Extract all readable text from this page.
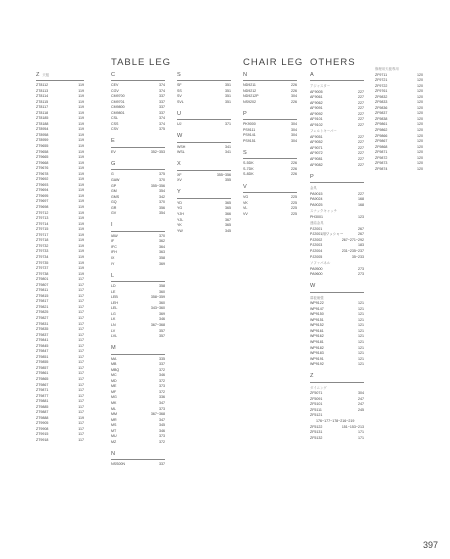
TABLE LEG	CHAIR LEG OTHERS
Z 天板
ZT8112	119
ZT8113	119
ZT8114	119
ZT8115	119
ZT8117	119
ZT8118	119
ZT8185	119
ZT8188	119
ZT8954	119
ZT8958	119
ZT8959	119
ZT9655	119
ZT9658	119
ZT9665	119
ZT9668	119
ZT9676	119
ZT9678	119
ZT9692	119
ZT9693	119
ZT9694	119
ZT9695	119
ZT9697	119
ZT9698	119
ZT9712	119
ZT9713	119
ZT9714	119
ZT9715	119
ZT9717	119
ZT9718	119
ZT9732	119
ZT9733	119
ZT9734	119
ZT9735	119
ZT9737	119
ZT9738	119
ZT9801	117
ZT9807	117
ZT9811	117
ZT9815	117
ZT9817	117
ZT9821	117
ZT9825	117
ZT9827	117
ZT9831	117
ZT9835	117
ZT9837	117
ZT9841	117
ZT9845	117
ZT9847	117
ZT9851	117
ZT9855	117
ZT9857	117
ZT9861	117
ZT9865	117
ZT9867	117
ZT9871	117
ZT9877	117
ZT9881	117
ZT9885	117
ZT9887	117
ZT9888	119
ZT9905	117
ZT9908	117
ZT9915	117
ZT9918	117
C
CEV	374
CGV	374
CM9700	337
CM9701	337
CM9800	337
CM9801	337
CSL	374
CSS	374
CSV	375
E
EV	352~353
G
G	375
GAW	370
GP	355~356
GM	354
GMS	342
GQ	370
GR	356
GV	354
I
IAW	370
IF	362
IFC	364
IFH	363
IX	358
IY	369
L
LD	358
LE	360
LEB	358~359
LEH	360
LEL	343~360
LG	369
LK	346
LN	367~368
LV	357
LVL	357
M
MA	335
MB	337
MBQ	372
MC	346
MD	372
ME	373
MF	372
MG	336
MK	347
ML	373
MM	367~368
MR	347
MS	345
MT	346
MU	373
MZ	372
N
NSS00N	337
S
SF	351
SS	351
SV	351
SVL	351
U
UJ	371
W
WSH	341
WSL	341
X
XF	355~356
XV	355
Y
YD	365
YG	365
YJH	366
YJL	367
YK	365
YW	345
N
ND9211	226
ND9212	226
ND9212P	304
NS9202	226
P
PK9000	304
PS9111	304
PS9141	304
PS9151	304
S
S-5DK	226
S-7DK	226
S-8DK	226
V
VG	225
VK	225
VL	225
VV	225
A
アジャスター
AF9005	227
AF9061	227
AF9062	227
AF9091	227
AF9092	227
AF9101	227
AF9102	227
フェルトキーパー
AF9051	227
AF9052	227
AF9071	227
AF9072	227
AF9081	227
AF9082	227
P
金具
PA9015	227
PA9024	168
PA9025	168
スナックキャッチ
PH3001	123
連結金具
PJ2001	267
PJ2001用ワッシャー	267
PJ2002	267~271~292
PJ2003	183
PJ2004	231~235~237
PJ2005	35~233
ソファパネル
PA9500	273
PA9600	273
W
幕板補強
WP9122	121
WP9147	121
WP9150	121
WP9151	121
WP9152	121
WP9161	121
WP9162	121
WP9181	121
WP9182	121
WP9183	121
WP9191	121
WP9192	121
Z
ダイニング
ZF5071	304
ZF5091	247
ZF5101	247
ZF5111	245
ZF5121
176~177~178~216~219
ZF5122	151~153~213
ZF5131	171
ZF5132	171
修理用天板専用
ZF9711	120
ZF9721	120
ZF9722	120
ZF9761	120
ZF9832	120
ZF9833	120
ZF9836	120
ZF9837	120
ZF9838	120
ZF9861	120
ZF9862	120
ZF9866	120
ZF9867	120
ZF9868	120
ZF9871	120
ZF9872	120
ZF9873	120
ZF9874	120
397
